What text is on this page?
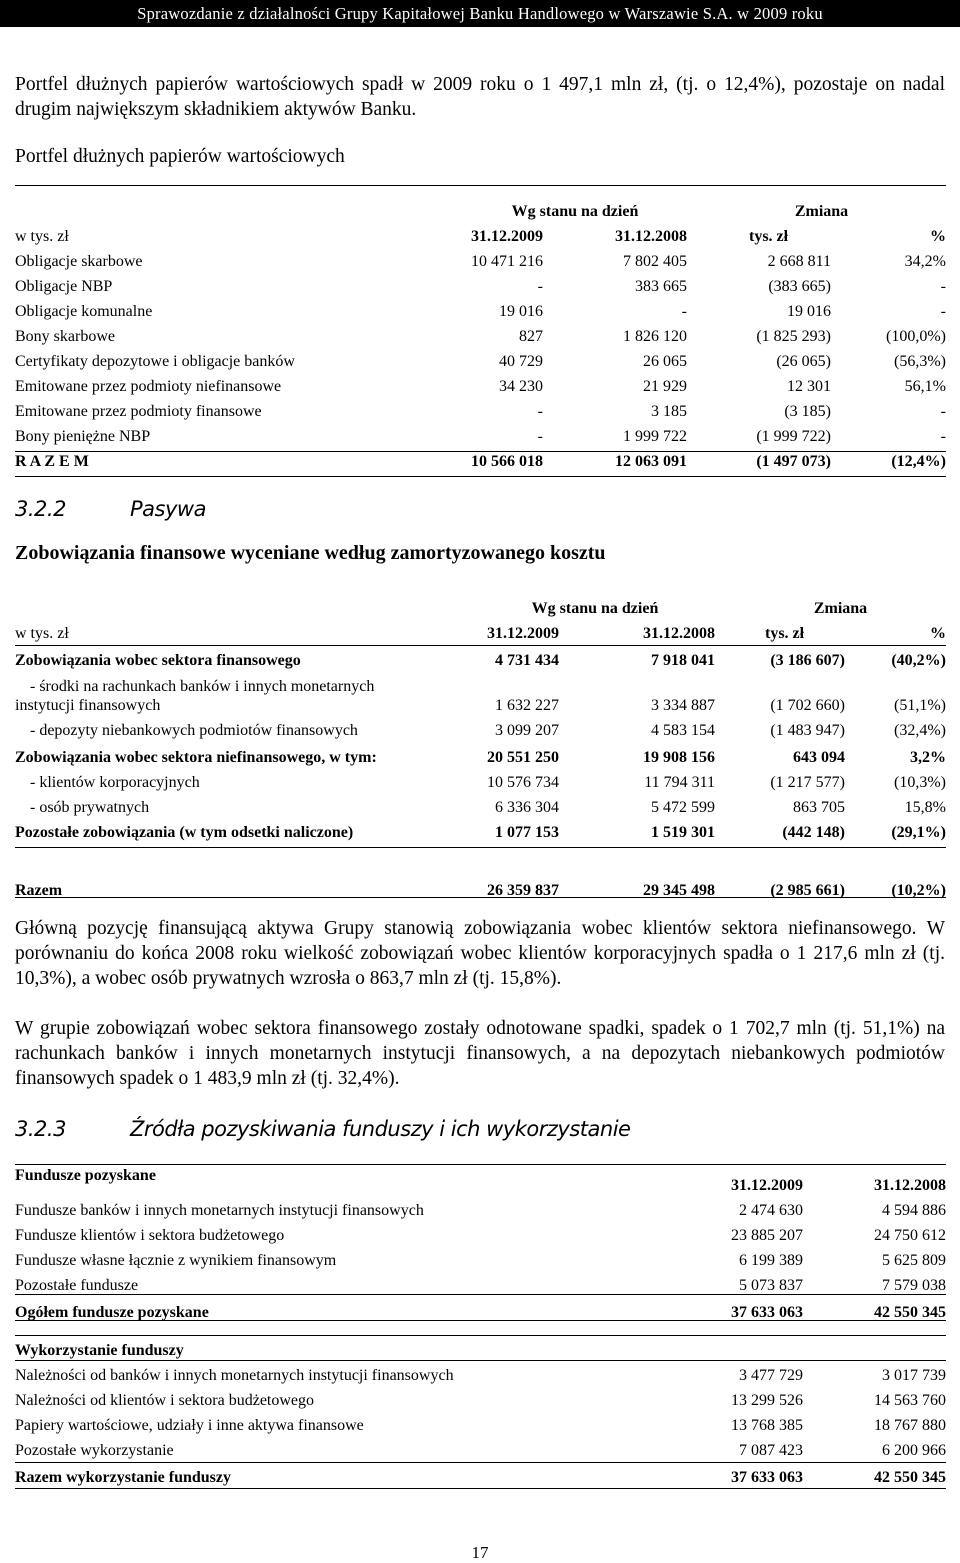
Sprawozdanie z działalności Grupy Kapitałowej Banku Handlowego w Warszawie S.A. w 2009 roku

Portfel dłużnych papierów wartościowych spadł w 2009 roku o 1 497,1 mln zł, (tj. o 12,4%), pozostaje on nadal drugim największym składnikiem aktywów Banku.

Portfel dłużnych papierów wartościowych

	Wg stanu na dzień		Zmiana	
w tys. zł	31.12.2009	31.12.2008	tys. zł	%
Obligacje skarbowe	10 471 216	7 802 405	2 668 811	34,2%
Obligacje NBP	-	383 665	(383 665)	-
Obligacje komunalne	19 016	-	19 016	-
Bony skarbowe	827	1 826 120	(1 825 293)	(100,0%)
Certyfikaty depozytowe i obligacje banków	40 729	26 065	(26 065)	(56,3%)
Emitowane przez podmioty niefinansowe	34 230	21 929	12 301	56,1%
Emitowane przez podmioty finansowe	-	3 185	(3 185)	-
Bony pieniężne NBP	-	1 999 722	(1 999 722)	-
R A Z E M	10 566 018	12 063 091	(1 497 073)	(12,4%)
3.2.2	Pasywa

Zobowiązania finansowe wyceniane według zamortyzowanego kosztu

	Wg stanu na dzień		Zmiana	
w tys. zł	31.12.2009	31.12.2008	tys. zł	%
Zobowiązania wobec sektora finansowego	4 731 434	7 918 041	(3 186 607)	(40,2%)
- środki na rachunkach banków i innych monetarnych
instytucji finansowych	1 632 227	3 334 887	(1 702 660)	(51,1%)
- depozyty niebankowych podmiotów finansowych	3 099 207	4 583 154	(1 483 947)	(32,4%)
Zobowiązania wobec sektora niefinansowego, w tym:	20 551 250	19 908 156	643 094	3,2%
- klientów korporacyjnych	10 576 734	11 794 311	(1 217 577)	(10,3%)
- osób prywatnych	6 336 304	5 472 599	863 705	15,8%
Pozostałe zobowiązania (w tym odsetki naliczone)	1 077 153	1 519 301	(442 148)	(29,1%)

Razem	26 359 837	29 345 498	(2 985 661)	(10,2%)

Główną pozycję finansującą aktywa Grupy stanowią zobowiązania wobec klientów sektora niefinansowego. W porównaniu do końca 2008 roku wielkość zobowiązań wobec klientów korporacyjnych spadła o 1 217,6 mln zł (tj. 10,3%), a wobec osób prywatnych wzrosła o 863,7 mln zł (tj. 15,8%).

W grupie zobowiązań wobec sektora finansowego zostały odnotowane spadki, spadek o 1 702,7 mln (tj. 51,1%) na rachunkach banków i innych monetarnych instytucji finansowych, a na depozytach niebankowych podmiotów finansowych spadek o 1 483,9 mln zł (tj. 32,4%).

3.2.3	Źródła pozyskiwania funduszy i ich wykorzystanie
Fundusze pozyskane	31.12.2009	31.12.2008
Fundusze banków i innych monetarnych instytucji finansowych	2 474 630	4 594 886
Fundusze klientów i sektora budżetowego	23 885 207	24 750 612
Fundusze własne łącznie z wynikiem finansowym	6 199 389	5 625 809
Pozostałe fundusze	5 073 837	7 579 038
Ogółem fundusze pozyskane	37 633 063	42 550 345
Wykorzystanie funduszy		
Należności od banków i innych monetarnych instytucji finansowych	3 477 729	3 017 739
Należności od klientów i sektora budżetowego	13 299 526	14 563 760
Papiery wartościowe, udziały i inne aktywa finansowe	13 768 385	18 767 880
Pozostałe wykorzystanie	7 087 423	6 200 966
Razem wykorzystanie funduszy	37 633 063	42 550 345
17
